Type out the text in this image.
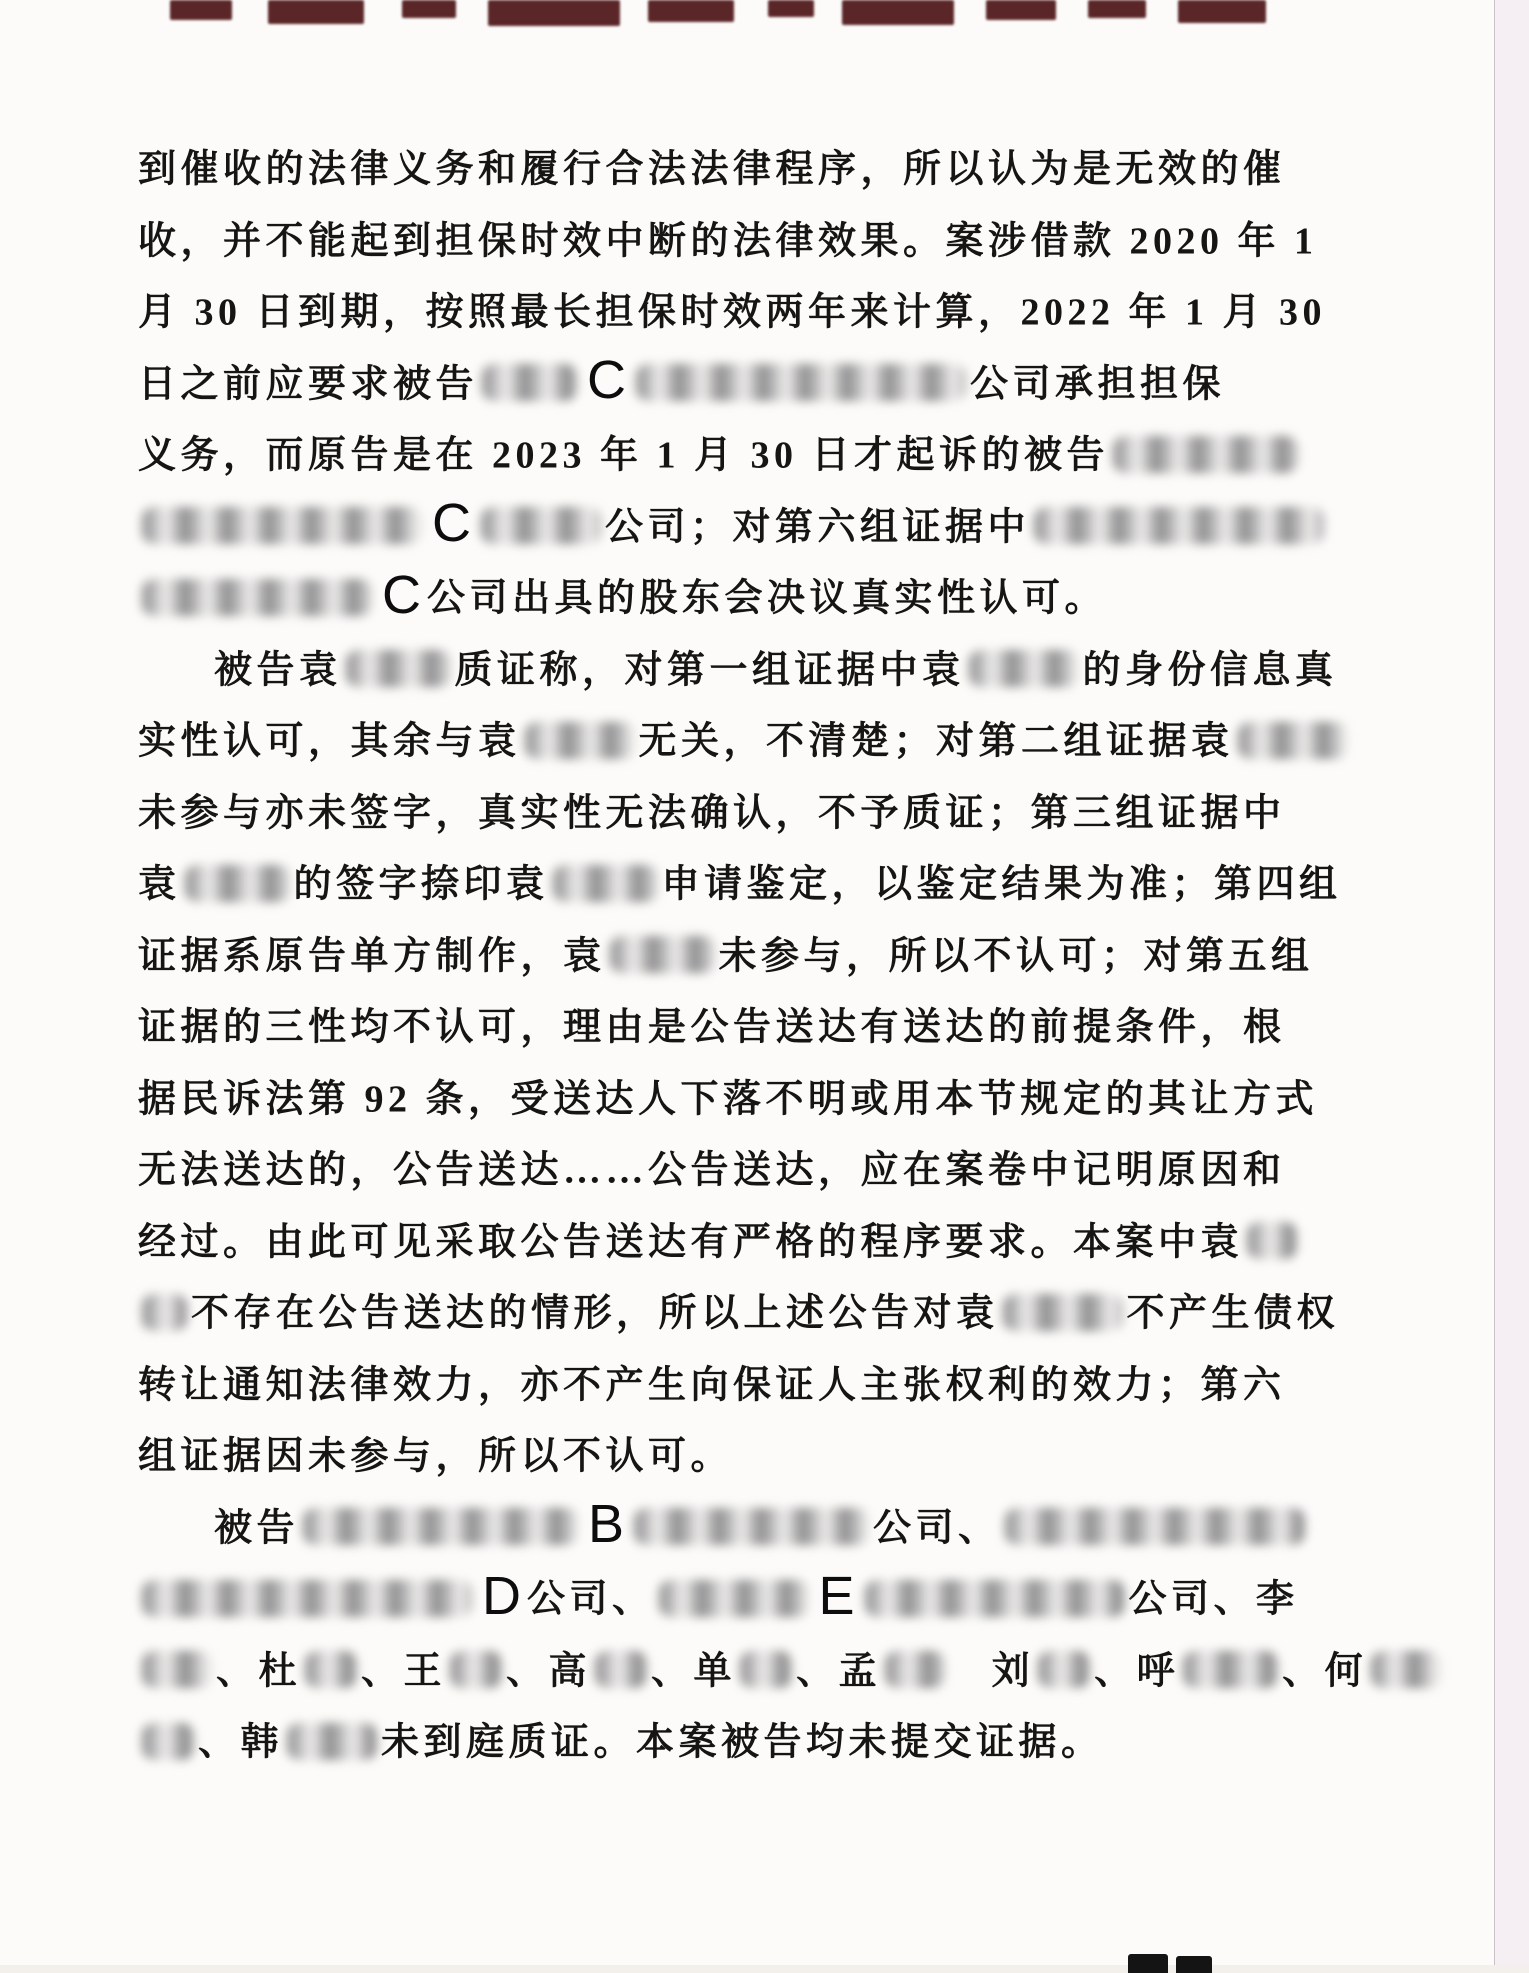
到催收的法律义务和履行合法法律程序，所以认为是无效的催
收，并不能起到担保时效中断的法律效果。案涉借款 2020 年 1
月 30 日到期，按照最长担保时效两年来计算，2022 年 1 月 30
日之前应要求被告 C	公司承担担保
义务，而原告是在 2023 年 1 月 30 日才起诉的被告
C	公司；对第六组证据中
C 公司出具的股东会决议真实性认可。
被告袁	质证称，对第一组证据中袁	的身份信息真
实性认可，其余与袁	无关，不清楚；对第二组证据袁
未参与亦未签字，真实性无法确认，不予质证；第三组证据中
袁	的签字捺印袁	申请鉴定，以鉴定结果为准；第四组
证据系原告单方制作，袁	未参与，所以不认可；对第五组
证据的三性均不认可，理由是公告送达有送达的前提条件，根
据民诉法第 92 条，受送达人下落不明或用本节规定的其让方式
无法送达的，公告送达……公告送达，应在案卷中记明原因和
经过。由此可见采取公告送达有严格的程序要求。本案中袁
不存在公告送达的情形，所以上述公告对袁	不产生债权
转让通知法律效力，亦不产生向保证人主张权利的效力；第六
组证据因未参与，所以不认可。
被告	B	公司、
D 公司、	E	公司、李
、杜 、王 、高 、单 、孟　刘 、呼	、何
、韩	未到庭质证。本案被告均未提交证据。
